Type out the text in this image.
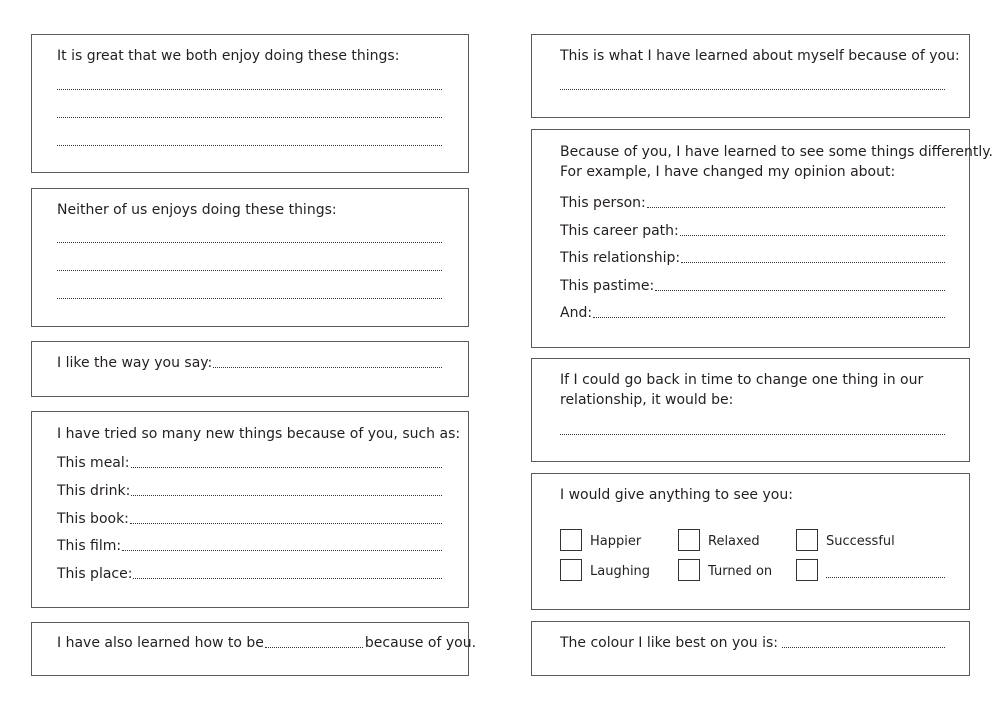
It is great that we both enjoy doing these things:
Neither of us enjoys doing these things:
I like the way you say:
I have tried so many new things because of you, such as:
This meal:
This drink:
This book:
This film:
This place:
I have also learned how to be	because of you.
This is what I have learned about myself because of you:
Because of you, I have learned to see some things differently.
For example, I have changed my opinion about:
This person:
This career path:
This relationship:
This pastime:
And:
If I could go back in time to change one thing in our
relationship, it would be:
I would give anything to see you:
Happier	Relaxed	Successful
Laughing	Turned on
The colour I like best on you is:
